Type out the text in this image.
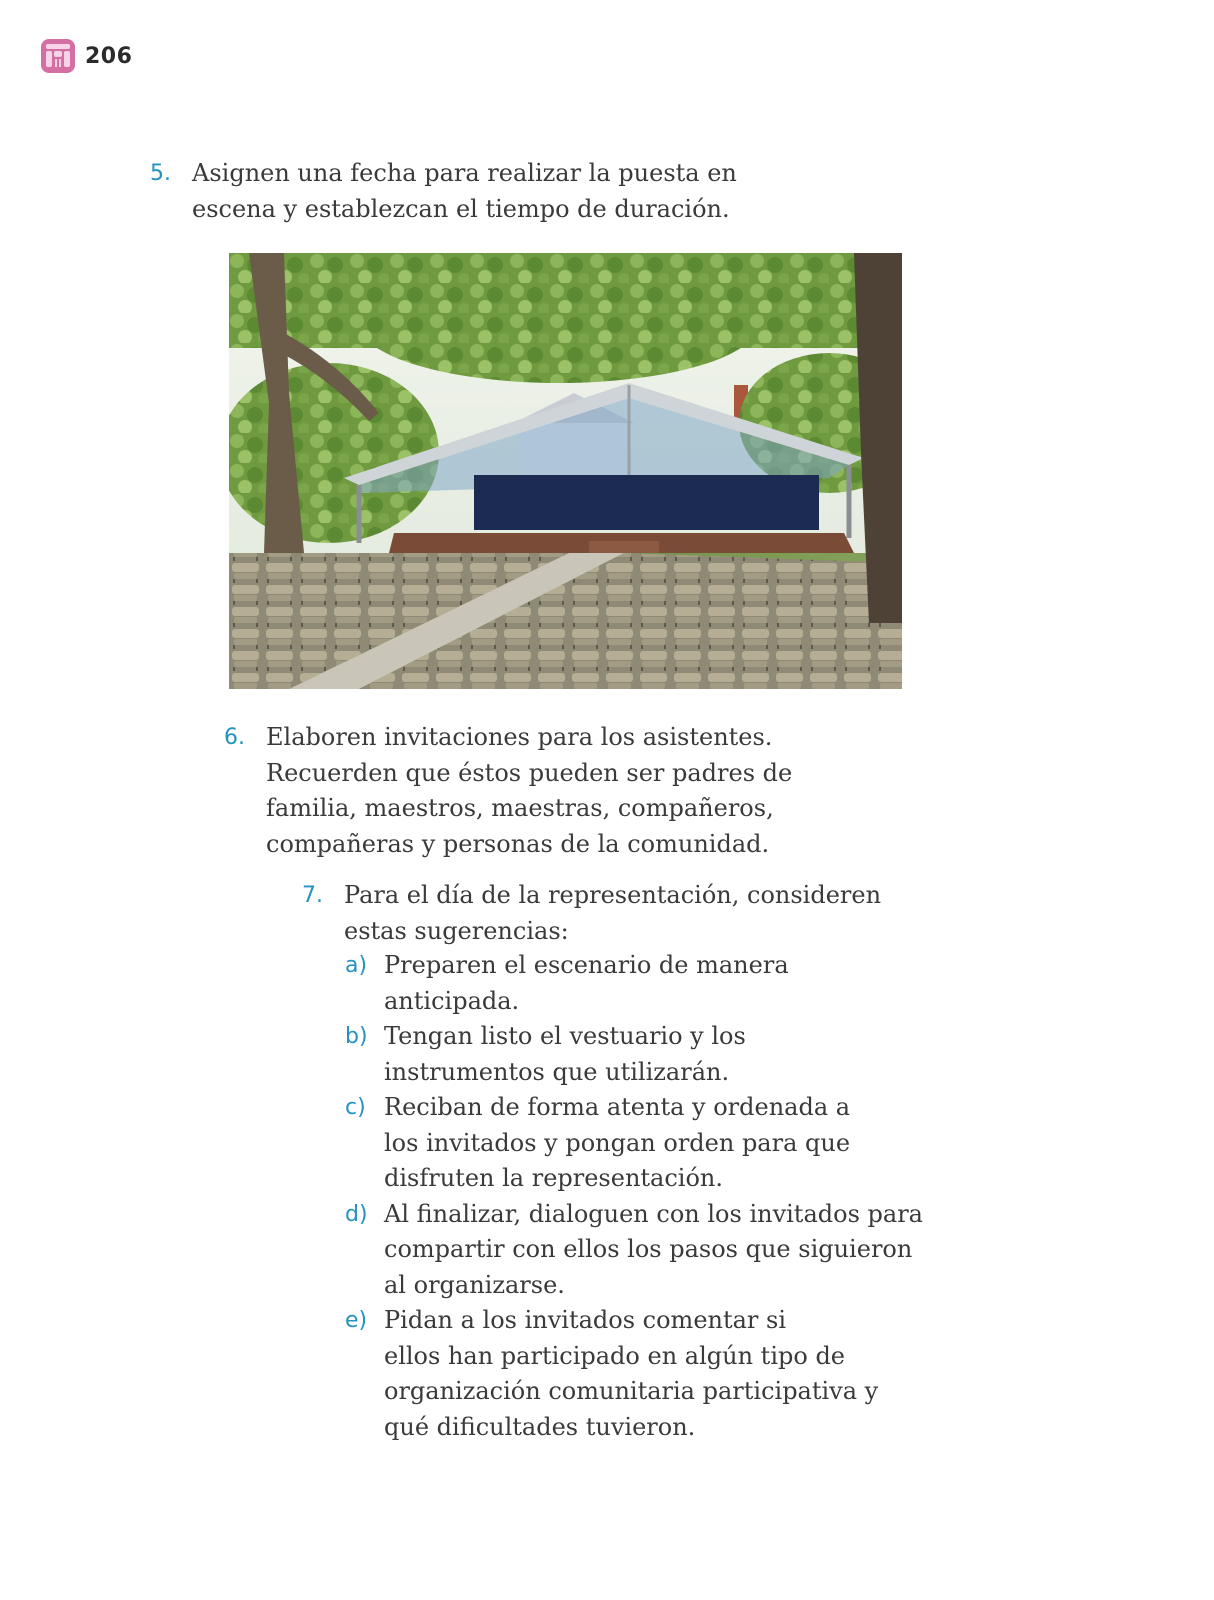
206
5. Asignen una fecha para realizar la puesta en
escena y establezcan el tiempo de duración.
6. Elaboren invitaciones para los asistentes.
Recuerden que éstos pueden ser padres de
familia, maestros, maestras, compañeros,
compañeras y personas de la comunidad.
7. Para el día de la representación, consideren
estas sugerencias:
a) Preparen el escenario de manera
anticipada.
b) Tengan listo el vestuario y los
instrumentos que utilizarán.
c) Reciban de forma atenta y ordenada a
los invitados y pongan orden para que
disfruten la representación.
d) Al finalizar, dialoguen con los invitados para
compartir con ellos los pasos que siguieron
al organizarse.
e) Pidan a los invitados comentar si
ellos han participado en algún tipo de
organización comunitaria participativa y
qué dificultades tuvieron.
